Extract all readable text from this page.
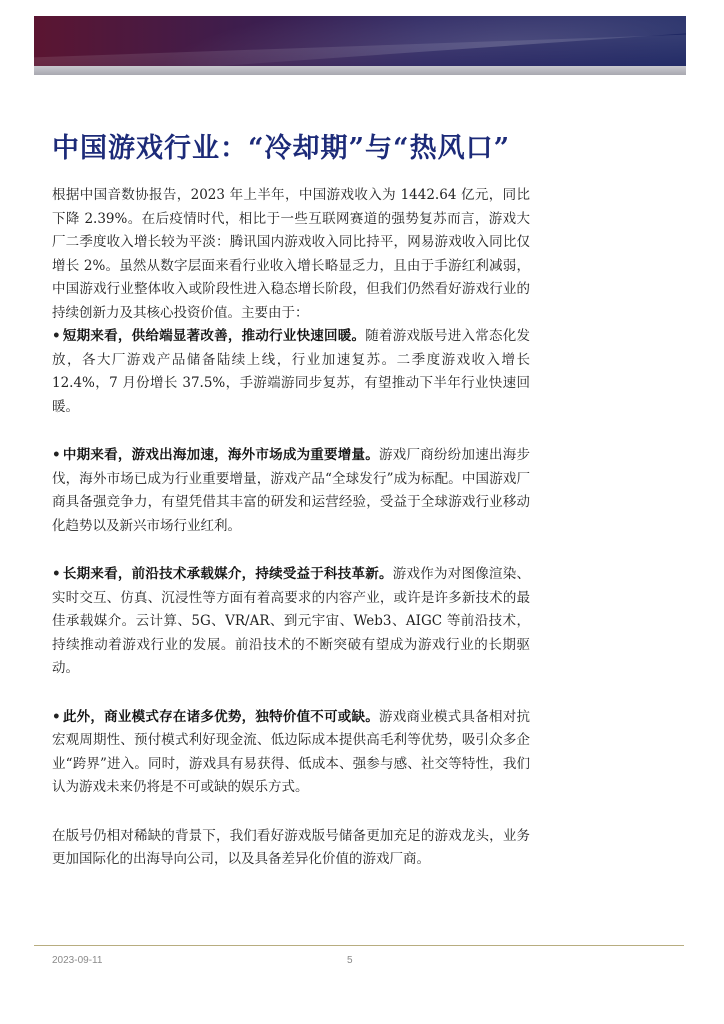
中国游戏行业：“冷却期”与“热风口”

根据中国音数协报告，2023 年上半年，中国游戏收入为 1442.64 亿元，同比下降 2.39%。在后疫情时代，相比于一些互联网赛道的强势复苏而言，游戏大厂二季度收入增长较为平淡：腾讯国内游戏收入同比持平，网易游戏收入同比仅增长 2%。虽然从数字层面来看行业收入增长略显乏力，且由于手游红利减弱，中国游戏行业整体收入或阶段性进入稳态增长阶段，但我们仍然看好游戏行业的持续创新力及其核心投资价值。主要由于：

• 短期来看，供给端显著改善，推动行业快速回暖。随着游戏版号进入常态化发放，各大厂游戏产品储备陆续上线，行业加速复苏。二季度游戏收入增长 12.4%，7 月份增长 37.5%，手游端游同步复苏，有望推动下半年行业快速回暖。

• 中期来看，游戏出海加速，海外市场成为重要增量。游戏厂商纷纷加速出海步伐，海外市场已成为行业重要增量，游戏产品“全球发行”成为标配。中国游戏厂商具备强竞争力，有望凭借其丰富的研发和运营经验，受益于全球游戏行业移动化趋势以及新兴市场行业红利。

• 长期来看，前沿技术承载媒介，持续受益于科技革新。游戏作为对图像渲染、实时交互、仿真、沉浸性等方面有着高要求的内容产业，或许是许多新技术的最佳承载媒介。云计算、5G、VR/AR、到元宇宙、Web3、AIGC 等前沿技术，持续推动着游戏行业的发展。前沿技术的不断突破有望成为游戏行业的长期驱动。

• 此外，商业模式存在诸多优势，独特价值不可或缺。游戏商业模式具备相对抗宏观周期性、预付模式利好现金流、低边际成本提供高毛利等优势，吸引众多企业“跨界”进入。同时，游戏具有易获得、低成本、强参与感、社交等特性，我们认为游戏未来仍将是不可或缺的娱乐方式。

在版号仍相对稀缺的背景下，我们看好游戏版号储备更加充足的游戏龙头，业务更加国际化的出海导向公司，以及具备差异化价值的游戏厂商。

2023-09-11	5
